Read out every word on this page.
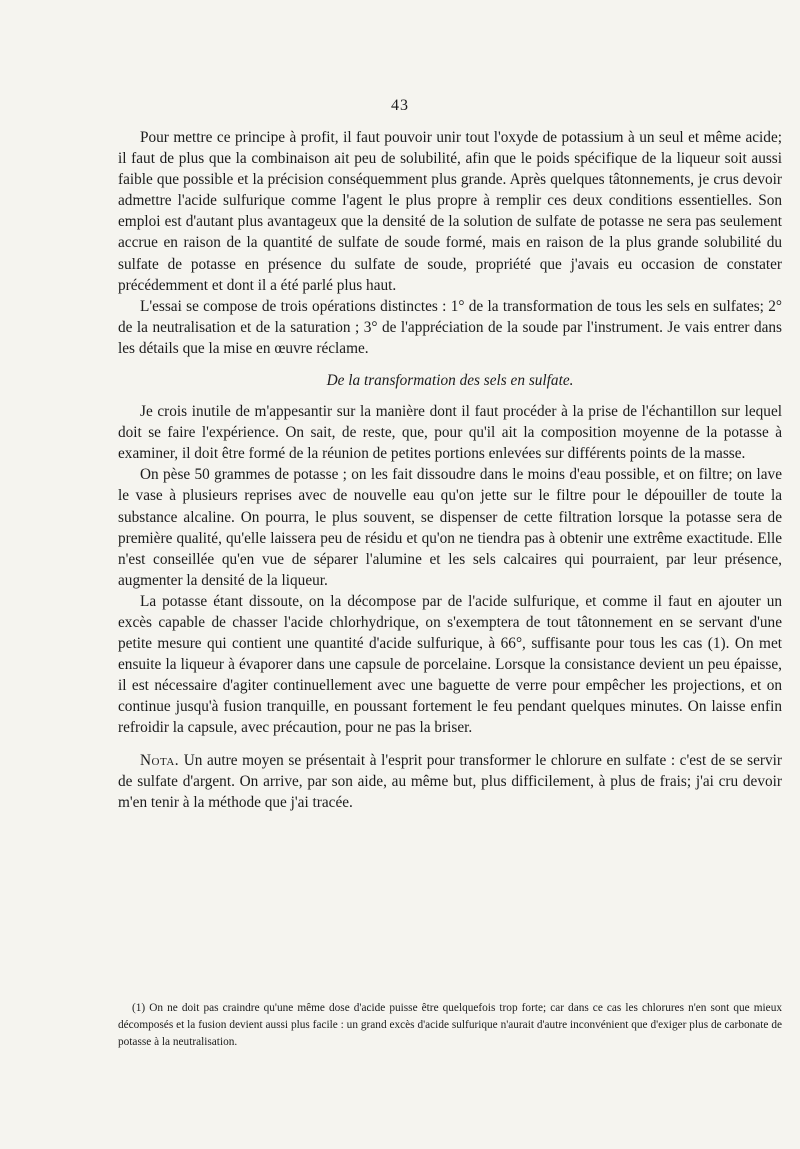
43

Pour mettre ce principe à profit, il faut pouvoir unir tout l'oxyde de potassium à un seul et même acide; il faut de plus que la combinaison ait peu de solubilité, afin que le poids spécifique de la liqueur soit aussi faible que possible et la précision conséquemment plus grande. Après quelques tâtonnements, je crus devoir admettre l'acide sulfurique comme l'agent le plus propre à remplir ces deux conditions essentielles. Son emploi est d'autant plus avantageux que la densité de la solution de sulfate de potasse ne sera pas seulement accrue en raison de la quantité de sulfate de soude formé, mais en raison de la plus grande solubilité du sulfate de potasse en présence du sulfate de soude, propriété que j'avais eu occasion de constater précédemment et dont il a été parlé plus haut.

L'essai se compose de trois opérations distinctes : 1° de la transformation de tous les sels en sulfates; 2° de la neutralisation et de la saturation ; 3° de l'appréciation de la soude par l'instrument. Je vais entrer dans les détails que la mise en œuvre réclame.

De la transformation des sels en sulfate.

Je crois inutile de m'appesantir sur la manière dont il faut procéder à la prise de l'échantillon sur lequel doit se faire l'expérience. On sait, de reste, que, pour qu'il ait la composition moyenne de la potasse à examiner, il doit être formé de la réunion de petites portions enlevées sur différents points de la masse.

On pèse 50 grammes de potasse ; on les fait dissoudre dans le moins d'eau possible, et on filtre; on lave le vase à plusieurs reprises avec de nouvelle eau qu'on jette sur le filtre pour le dépouiller de toute la substance alcaline. On pourra, le plus souvent, se dispenser de cette filtration lorsque la potasse sera de première qualité, qu'elle laissera peu de résidu et qu'on ne tiendra pas à obtenir une extrême exactitude. Elle n'est conseillée qu'en vue de séparer l'alumine et les sels calcaires qui pourraient, par leur présence, augmenter la densité de la liqueur.

La potasse étant dissoute, on la décompose par de l'acide sulfurique, et comme il faut en ajouter un excès capable de chasser l'acide chlorhydrique, on s'exemptera de tout tâtonnement en se servant d'une petite mesure qui contient une quantité d'acide sulfurique, à 66°, suffisante pour tous les cas (1). On met ensuite la liqueur à évaporer dans une capsule de porcelaine. Lorsque la consistance devient un peu épaisse, il est nécessaire d'agiter continuellement avec une baguette de verre pour empêcher les projections, et on continue jusqu'à fusion tranquille, en poussant fortement le feu pendant quelques minutes. On laisse enfin refroidir la capsule, avec précaution, pour ne pas la briser.

Nota. Un autre moyen se présentait à l'esprit pour transformer le chlorure en sulfate : c'est de se servir de sulfate d'argent. On arrive, par son aide, au même but, plus difficilement, à plus de frais; j'ai cru devoir m'en tenir à la méthode que j'ai tracée.

(1) On ne doit pas craindre qu'une même dose d'acide puisse être quelquefois trop forte; car dans ce cas les chlorures n'en sont que mieux décomposés et la fusion devient aussi plus facile : un grand excès d'acide sulfurique n'aurait d'autre inconvénient que d'exiger plus de carbonate de potasse à la neutralisation.
